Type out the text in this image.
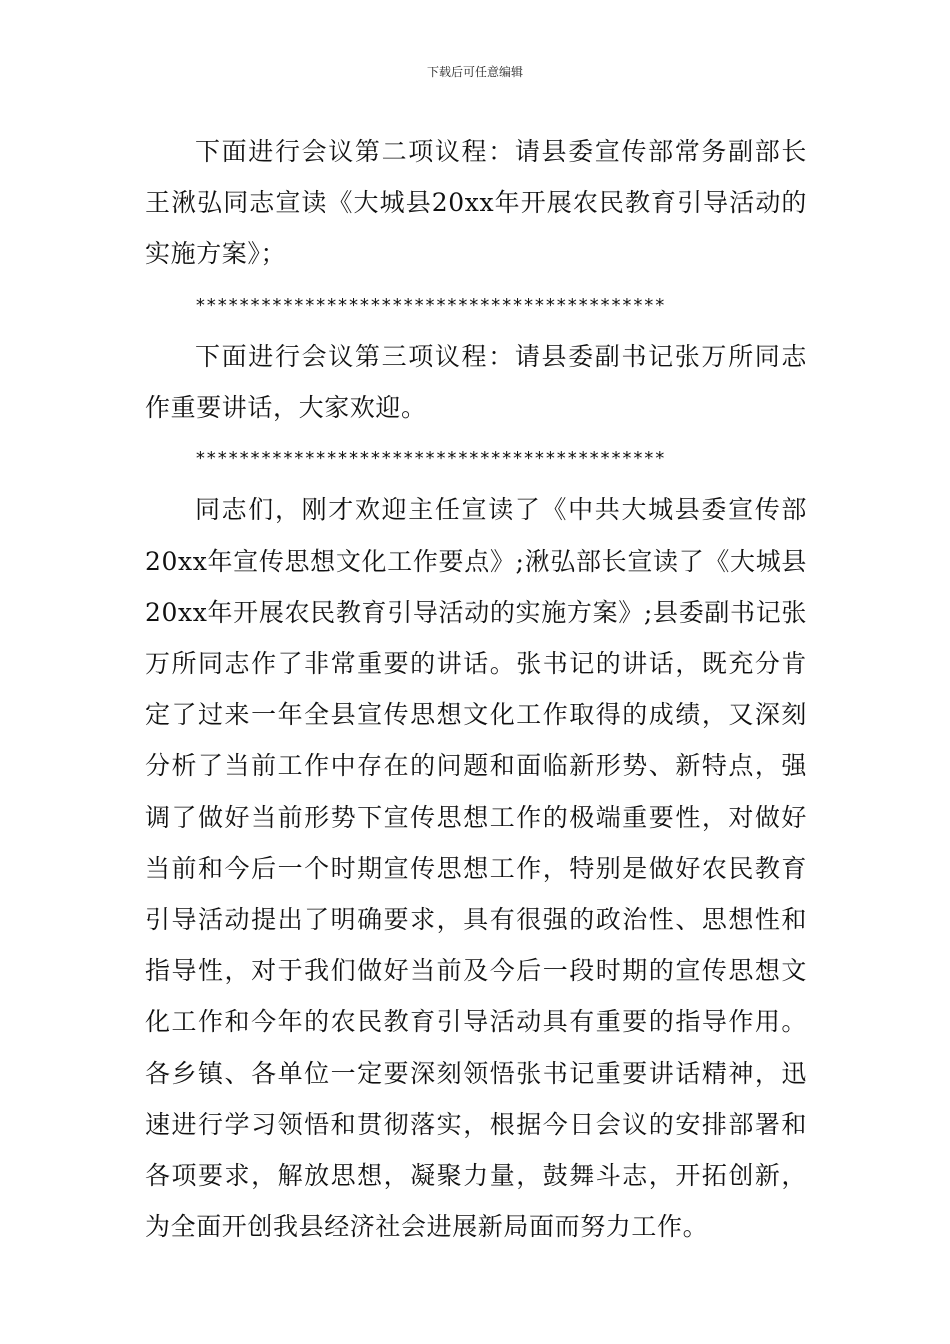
下载后可任意编辑

下面进行会议第二项议程：请县委宣传部常务副部长王湫弘同志宣读《大城县20xx年开展农民教育引导活动的实施方案》；

*******************************************

下面进行会议第三项议程：请县委副书记张万所同志作重要讲话，大家欢迎。

*******************************************

同志们，刚才欢迎主任宣读了《中共大城县委宣传部20xx年宣传思想文化工作要点》;湫弘部长宣读了《大城县20xx年开展农民教育引导活动的实施方案》;县委副书记张万所同志作了非常重要的讲话。张书记的讲话，既充分肯定了过来一年全县宣传思想文化工作取得的成绩，又深刻分析了当前工作中存在的问题和面临新形势、新特点，强调了做好当前形势下宣传思想工作的极端重要性，对做好当前和今后一个时期宣传思想工作，特别是做好农民教育引导活动提出了明确要求，具有很强的政治性、思想性和指导性，对于我们做好当前及今后一段时期的宣传思想文化工作和今年的农民教育引导活动具有重要的指导作用。各乡镇、各单位一定要深刻领悟张书记重要讲话精神，迅速进行学习领悟和贯彻落实，根据今日会议的安排部署和各项要求，解放思想，凝聚力量，鼓舞斗志，开拓创新，为全面开创我县经济社会进展新局面而努力工作。
